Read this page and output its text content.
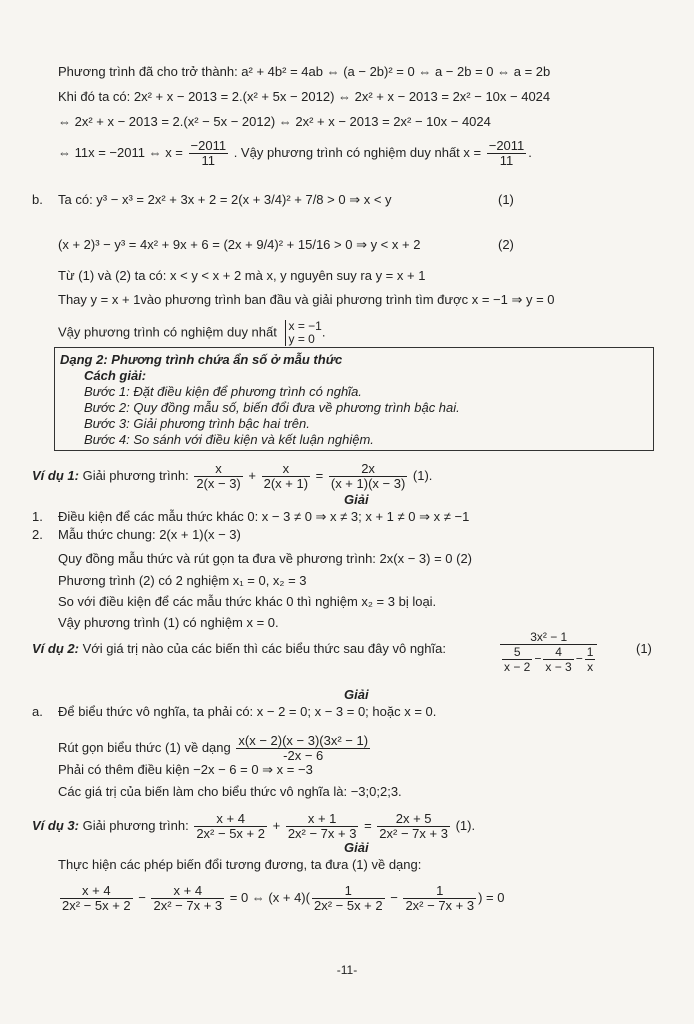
Phương trình đã cho trở thành: a² + 4b² = 4ab ⇔ (a − 2b)² = 0 ⇔ a − 2b = 0 ⇔ a = 2b
Khi đó ta có: 2x² + x − 2013 = 2.(x² + 5x − 2012) ⇔ 2x² + x − 2013 = 2x² − 10x − 4024
⇔ 2x² + x − 2013 = 2.(x² − 5x − 2012) ⇔ 2x² + x − 2013 = 2x² − 10x − 4024
⇔ 11x = −2011 ⇔ $x = \frac{-2011}{11}$ . Vậy phương trình có nghiệm duy nhất $x = \frac{-2011}{11}$ .
b. Ta có: y³ − x³ = 2x² + 3x + 2 = 2(x + 3/4)² + 7/8 > 0 ⇒ x < y	(1)
(x + 2)³ − y³ = 4x² + 9x + 6 = (2x + 9/4)² + 15/16 > 0 ⇒ y < x + 2	(2)
Từ (1) và (2) ta có: x < y < x + 2 mà x, y nguyên suy ra y = x + 1
Thay y = x + 1vào phương trình ban đầu và giải phương trình tìm được x = −1 ⇒ y = 0
Vậy phương trình có nghiệm duy nhất x = −1
y = 0 .
Dạng 2: Phương trình chứa ẩn số ở mẫu thức
Cách giải:
Bước 1: Đặt điều kiện để phương trình có nghĩa.
Bước 2: Quy đồng mẫu số, biến đổi đưa về phương trình bậc hai.
Bước 3: Giải phương trình bậc hai trên.
Bước 4: So sánh với điều kiện và kết luận nghiệm.
Ví dụ 1: Giải phương trình: $\frac{x}{2(x - 3)} + \frac{x}{2(x + 1)} = \frac{2x}{(x + 1)(x - 3)} (1)$.
Giải
1. Điều kiện để các mẫu thức khác 0: x − 3 ≠ 0 ⇒ x ≠ 3; x + 1 ≠ 0 ⇒ x ≠ −1
2. Mẫu thức chung: 2(x + 1)(x − 3)
Quy đồng mẫu thức và rút gọn ta đưa về phương trình: 2x(x − 3) = 0 (2)
Phương trình (2) có 2 nghiệm x₁ = 0, x₂ = 3
So với điều kiện để các mẫu thức khác 0 thì nghiệm x₂ = 3 bị loại.
Vậy phương trình (1) có nghiệm x = 0.
Ví dụ 2: Với giá trị nào của các biến thì các biểu thức sau đây vô nghĩa:	$\frac{\text{3x² − 1}}{\frac{5}{x - 2} - \frac{4}{x - 3} - \frac{1}{x}}$	(1)
Giải
a. Để biểu thức vô nghĩa, ta phải có: x − 2 = 0; x − 3 = 0; hoặc x = 0.
Rút gọn biểu thức (1) về dạng $\frac{\text{x(x − 2)(x − 3)(3x² − 1)}}{-2x - 6}$
Phải có thêm điều kiện −2x − 6 = 0 ⇒ x = −3
Các giá trị của biến làm cho biểu thức vô nghĩa là: −3;0;2;3.
Ví dụ 3: Giải phương trình: $\frac{x + 4}{\text{2x² − 5x + 2}} + \frac{x + 1}{\text{2x² − 7x + 3}} = \frac{2x + 5}{\text{2x² − 7x + 3}} (1)$.
Giải
Thực hiện các phép biến đổi tương đương, ta đưa (1) về dạng:
$\frac{x + 4}{\text{2x² − 5x + 2}} - \frac{x + 4}{\text{2x² − 7x + 3}} = 0$ ⇔ $(x + 4)( \frac{1}{\text{2x² − 5x + 2}} - \frac{1}{\text{2x² − 7x + 3}}$ ) = 0
-11-
